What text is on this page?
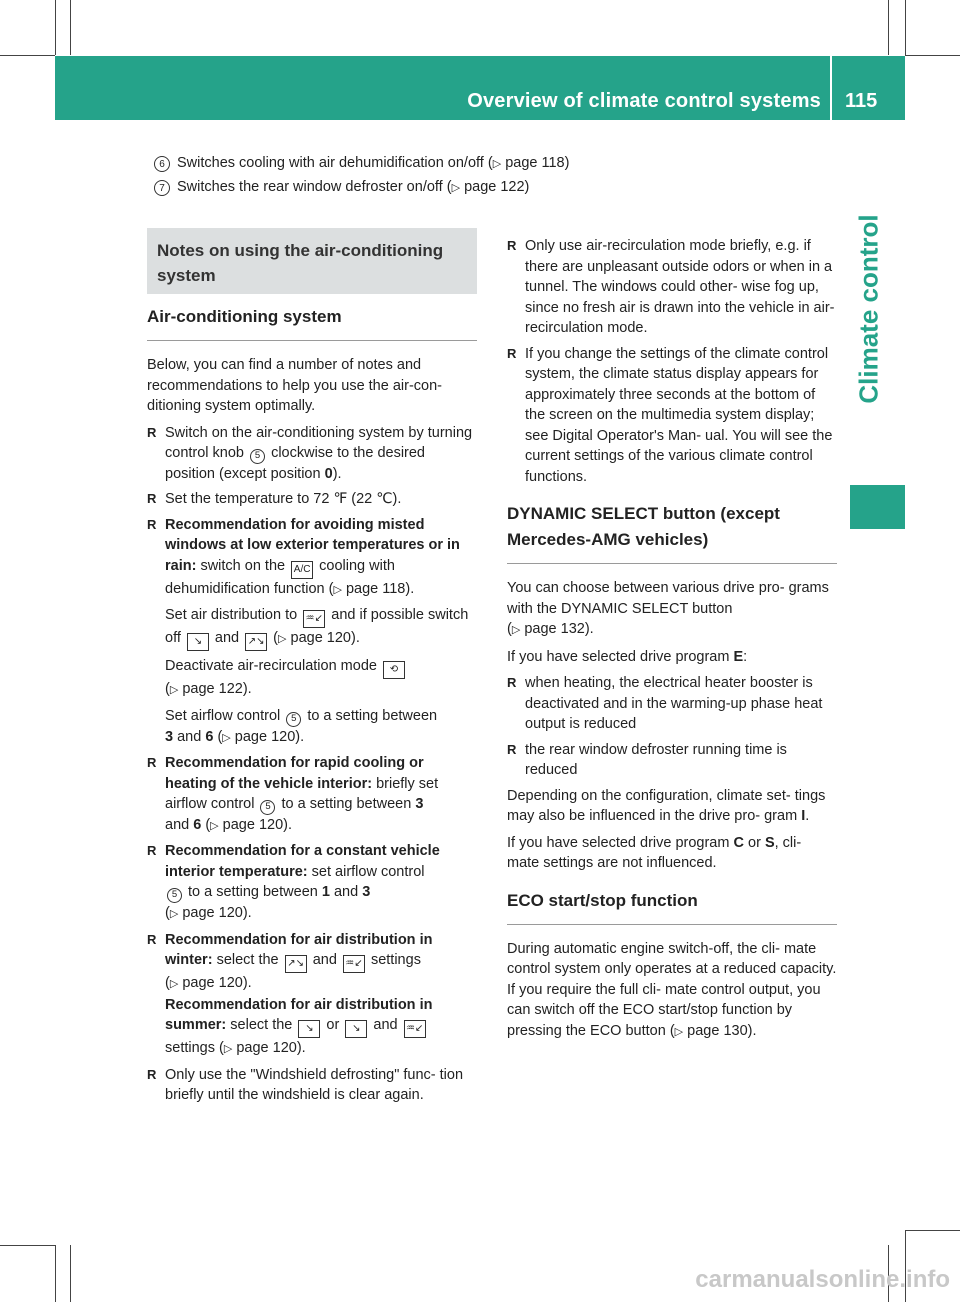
Overview of climate control systems 115
Climate control
6 Switches cooling with air dehumidification on/off (▷ page 118)
7 Switches the rear window defroster on/off (▷ page 122)
Notes on using the air-conditioning system
Air-conditioning system

Below, you can find a number of notes and recommendations to help you use the air-con- ditioning system optimally.

R Switch on the air-conditioning system by turning control knob 5 clockwise to the desired position (except position 0).
R Set the temperature to 72 ℉ (22 ℃).

R Recommendation for avoiding misted windows at low exterior temperatures or in rain: switch on the A/C cooling with dehumidification function (▷ page 118).

Set air distribution to ♒↙ and if possible switch off ↘ and ↗↘ (▷ page 120).

Deactivate air-recirculation mode ⟲
(▷ page 122).

Set airflow control 5 to a setting between
3 and 6 (▷ page 120).

R Recommendation for rapid cooling or heating of the vehicle interior: briefly set airflow control 5 to a setting between 3
and 6 (▷ page 120).
R Recommendation for a constant vehicle interior temperature: set airflow control
5 to a setting between 1 and 3
(▷ page 120).

R Recommendation for air distribution in winter: select the ↗↘ and ♒↙ settings
(▷ page 120).

Recommendation for air distribution in summer: select the ↘ or ↘ and ♒↙
settings (▷ page 120).

R Only use the "Windshield defrosting" func- tion briefly until the windshield is clear again.
R Only use air-recirculation mode briefly, e.g. if there are unpleasant outside odors or when in a tunnel. The windows could other- wise fog up, since no fresh air is drawn into the vehicle in air-recirculation mode.
R If you change the settings of the climate control system, the climate status display appears for approximately three seconds at the bottom of the screen on the multimedia system display; see Digital Operator's Man- ual. You will see the current settings of the various climate control functions.
DYNAMIC SELECT button (except Mercedes-AMG vehicles)

You can choose between various drive pro- grams with the DYNAMIC SELECT button
(▷ page 132).

If you have selected drive program E:

R when heating, the electrical heater booster is deactivated and in the warming-up phase heat output is reduced
R the rear window defroster running time is reduced

Depending on the configuration, climate set- tings may also be influenced in the drive pro- gram I.

If you have selected drive program C or S, cli- mate settings are not influenced.

ECO start/stop function

During automatic engine switch-off, the cli- mate control system only operates at a reduced capacity. If you require the full cli- mate control output, you can switch off the ECO start/stop function by pressing the ECO button (▷ page 130).

carmanualsonline.info
